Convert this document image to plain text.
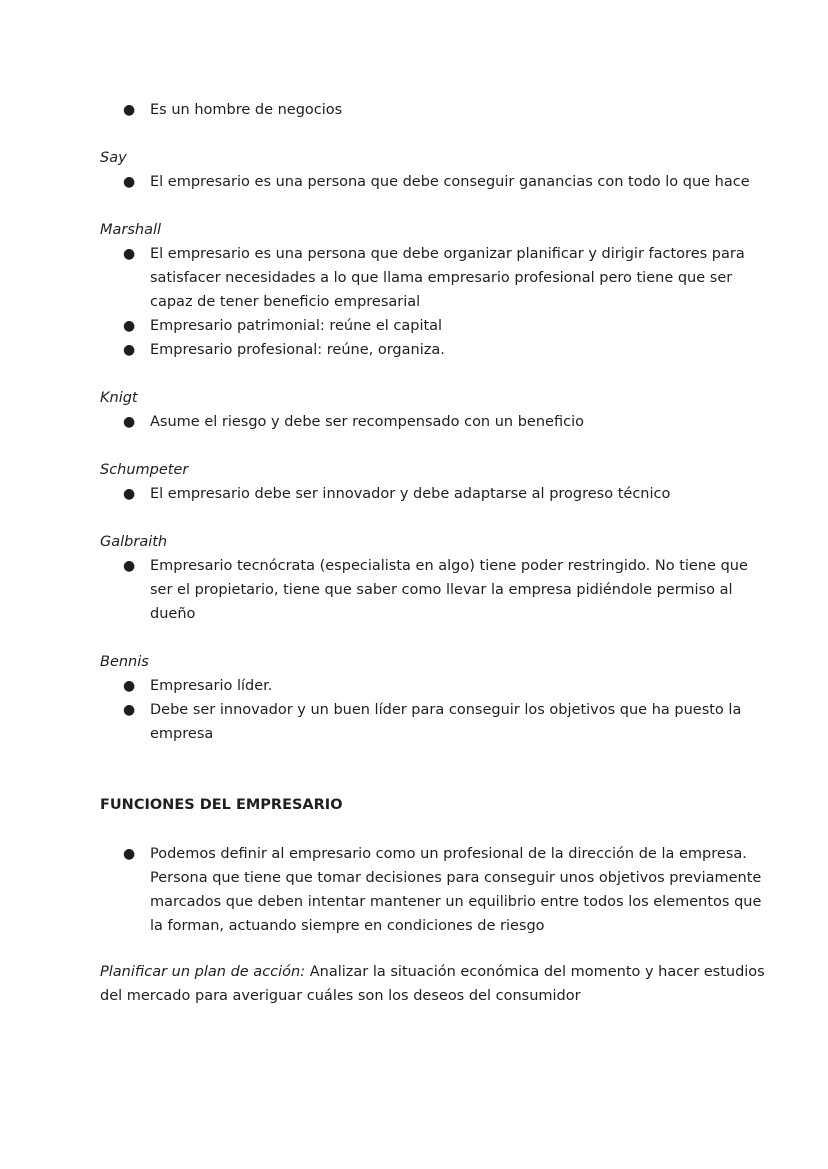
● Es un hombre de negocios
Say
● El empresario es una persona que debe conseguir ganancias con todo lo que hace
Marshall
● El empresario es una persona que debe organizar planificar y dirigir factores para
satisfacer necesidades a lo que llama empresario profesional pero tiene que ser
capaz de tener beneficio empresarial
● Empresario patrimonial: reúne el capital
● Empresario profesional: reúne, organiza.
Knigt
● Asume el riesgo y debe ser recompensado con un beneficio
Schumpeter
● El empresario debe ser innovador y debe adaptarse al progreso técnico
Galbraith
● Empresario tecnócrata (especialista en algo) tiene poder restringido. No tiene que
ser el propietario, tiene que saber como llevar la empresa pidiéndole permiso al
dueño
Bennis
● Empresario líder.
● Debe ser innovador y un buen líder para conseguir los objetivos que ha puesto la
empresa
FUNCIONES DEL EMPRESARIO
● Podemos definir al empresario como un profesional de la dirección de la empresa.
Persona que tiene que tomar decisiones para conseguir unos objetivos previamente
marcados que deben intentar mantener un equilibrio entre todos los elementos que
la forman, actuando siempre en condiciones de riesgo
Planificar un plan de acción: Analizar la situación económica del momento y hacer estudios
del mercado para averiguar cuáles son los deseos del consumidor
